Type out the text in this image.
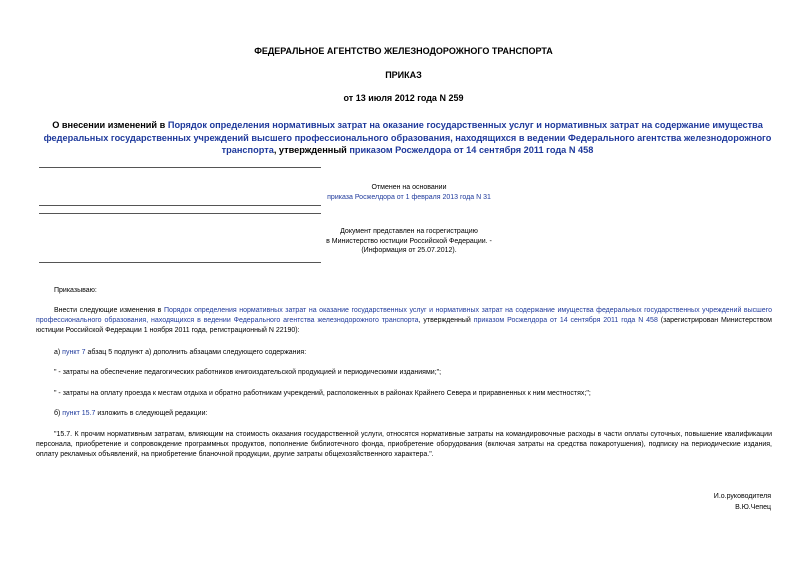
ФЕДЕРАЛЬНОЕ АГЕНТСТВО ЖЕЛЕЗНОДОРОЖНОГО ТРАНСПОРТА
ПРИКАЗ
от 13 июля 2012 года N 259
О внесении изменений в Порядок определения нормативных затрат на оказание государственных услуг и нормативных затрат на содержание имущества федеральных государственных учреждений высшего профессионального образования, находящихся в ведении Федерального агентства железнодорожного транспорта, утвержденный приказом Росжелдора от 14 сентября 2011 года N 458
Отменен на основании
приказа Росжелдора от 1 февраля 2013 года N 31
Документ представлен на госрегистрацию
в Министерство юстиции Российской Федерации. -
(Информация от 25.07.2012).
Приказываю:
Внести следующие изменения в Порядок определения нормативных затрат на оказание государственных услуг и нормативных затрат на содержание имущества федеральных государственных учреждений высшего профессионального образования, находящихся в ведении Федерального агентства железнодорожного транспорта, утвержденный приказом Росжелдора от 14 сентября 2011 года N 458 (зарегистрирован Министерством юстиции Российской Федерации 1 ноября 2011 года, регистрационный N 22190):
а) пункт 7 абзац 5 подпункт а) дополнить абзацами следующего содержания:
" - затраты на обеспечение педагогических работников книгоиздательской продукцией и периодическими изданиями;";
" - затраты на оплату проезда к местам отдыха и обратно работникам учреждений, расположенных в районах Крайнего Севера и приравненных к ним местностях;";
б) пункт 15.7 изложить в следующей редакции:
"15.7. К прочим нормативным затратам, влияющим на стоимость оказания государственной услуги, относятся нормативные затраты на командировочные расходы в части оплаты суточных, повышение квалификации персонала, приобретение и сопровождение программных продуктов, пополнение библиотечного фонда, приобретение оборудования (включая затраты на средства пожаротушения), подписку на периодические издания, оплату рекламных объявлений, на приобретение бланочной продукции, другие затраты общехозяйственного характера.".
И.о.руководителя
В.Ю.Чепец
